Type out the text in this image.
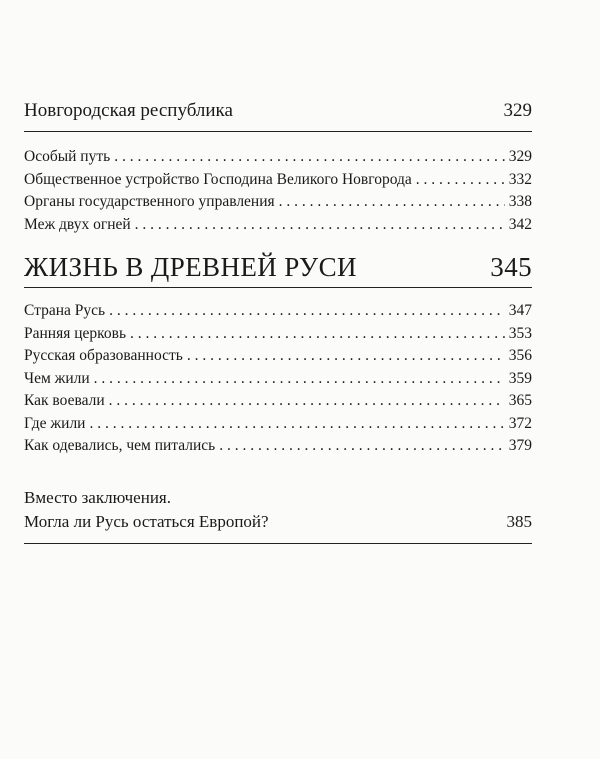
Новгородская республика	329
Особый путь . . .	329
Общественное устройство Господина Великого Новгорода . . .	332
Органы государственного управления . . .	338
Меж двух огней . . .	342
ЖИЗНЬ В ДРЕВНЕЙ РУСИ	345
Страна Русь . . .	347
Ранняя церковь . . .	353
Русская образованность . . .	356
Чем жили . . .	359
Как воевали . . .	365
Где жили . . .	372
Как одевались, чем питались . . .	379
Вместо заключения.
Могла ли Русь остаться Европой?	385
